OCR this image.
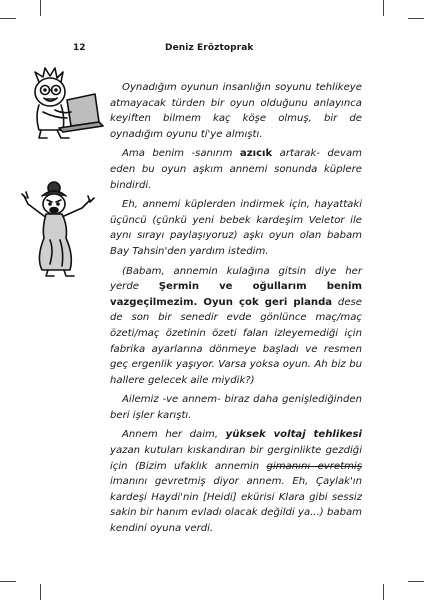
12	Deniz Eröztoprak

Oynadığım oyunun insanlığın soyunu tehlikeye atmayacak türden bir oyun olduğunu anlayınca keyiften bilmem kaç köşe olmuş, bir de oynadığım oyunu ti'ye almıştı.

Ama benim -sanırım azıcık artarak- devam eden bu oyun aşkım annemi sonunda küplere bindirdi.

Eh, annemi küplerden indirmek için, hayattaki üçüncü (çünkü yeni bebek kardeşim Veletor ile aynı sırayı paylaşıyoruz) aşkı oyun olan babam Bay Tahsin'den yardım istedim.

(Babam, annemin kulağına gitsin diye her yerde Şermin ve oğullarım benim vazgeçilmezim. Oyun çok geri planda dese de son bir senedir evde gönlünce maç/maç özeti/maç özetinin özeti falan izleyemediği için fabrika ayarlarına dönmeye başladı ve resmen geç ergenlik yaşıyor. Varsa yoksa oyun. Ah biz bu hallere gelecek aile miydik?)

Ailemiz -ve annem- biraz daha genişlediğinden beri işler karıştı.

Annem her daim, yüksek voltaj tehlikesi yazan kutuları kıskandıran bir gerginlikte gezdiği için (Bizim ufaklık annemin gimanını evretmiş imanını gevretmiş diyor annem. Eh, Çaylak'ın kardeşi Haydi'nin [Heidi] ekürisi Klara gibi sessiz sakin bir hanım evladı olacak değildi ya...) babam kendini oyuna verdi.
